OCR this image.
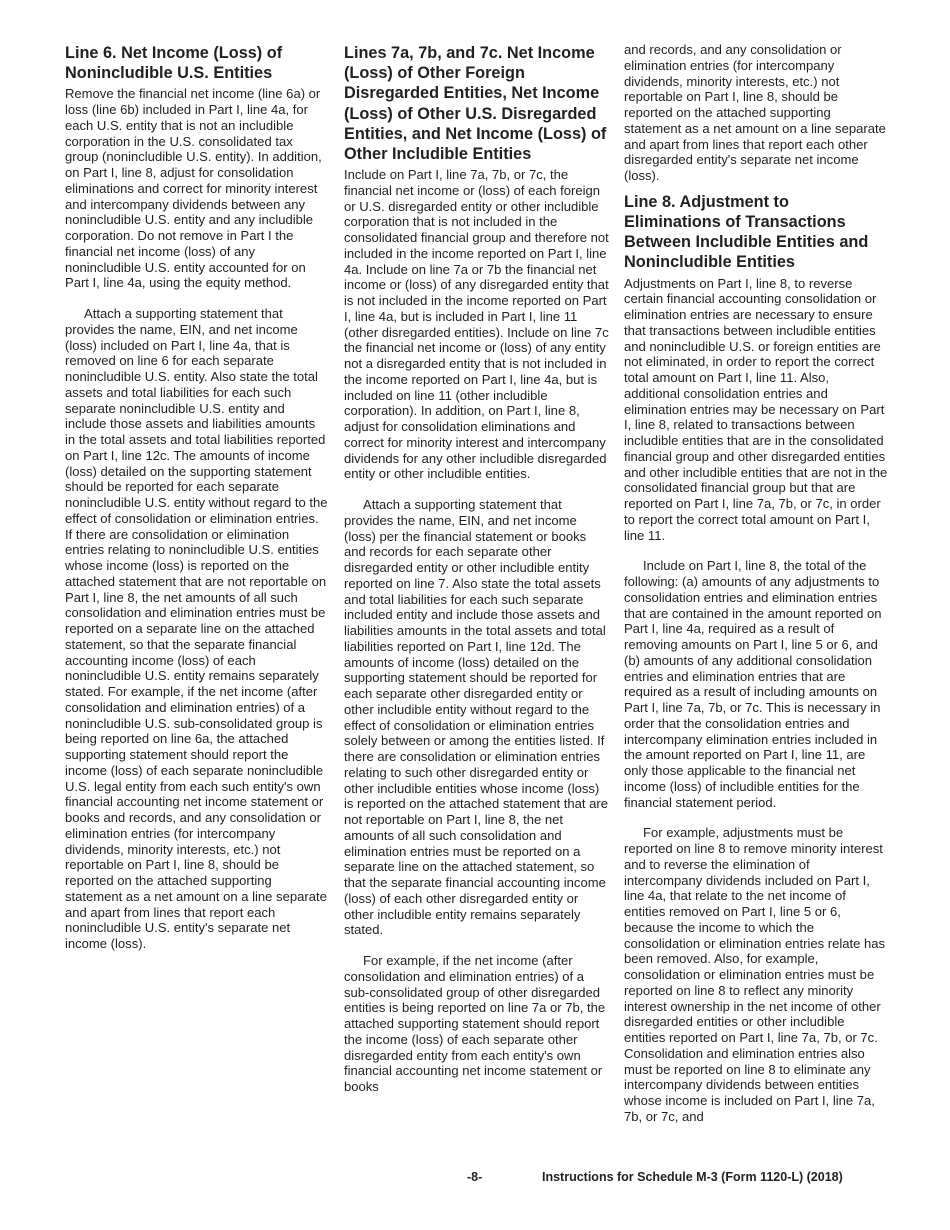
Line 6. Net Income (Loss) of Nonincludible U.S. Entities

Remove the financial net income (line 6a) or loss (line 6b) included in Part I, line 4a, for each U.S. entity that is not an includible corporation in the U.S. consolidated tax group (nonincludible U.S. entity). In addition, on Part I, line 8, adjust for consolidation eliminations and correct for minority interest and intercompany dividends between any nonincludible U.S. entity and any includible corporation. Do not remove in Part I the financial net income (loss) of any nonincludible U.S. entity accounted for on Part I, line 4a, using the equity method.

Attach a supporting statement that provides the name, EIN, and net income (loss) included on Part I, line 4a, that is removed on line 6 for each separate nonincludible U.S. entity. Also state the total assets and total liabilities for each such separate nonincludible U.S. entity and include those assets and liabilities amounts in the total assets and total liabilities reported on Part I, line 12c. The amounts of income (loss) detailed on the supporting statement should be reported for each separate nonincludible U.S. entity without regard to the effect of consolidation or elimination entries. If there are consolidation or elimination entries relating to nonincludible U.S. entities whose income (loss) is reported on the attached statement that are not reportable on Part I, line 8, the net amounts of all such consolidation and elimination entries must be reported on a separate line on the attached statement, so that the separate financial accounting income (loss) of each nonincludible U.S. entity remains separately stated. For example, if the net income (after consolidation and elimination entries) of a nonincludible U.S. sub-consolidated group is being reported on line 6a, the attached supporting statement should report the income (loss) of each separate nonincludible U.S. legal entity from each such entity's own financial accounting net income statement or books and records, and any consolidation or elimination entries (for intercompany dividends, minority interests, etc.) not reportable on Part I, line 8, should be reported on the attached supporting statement as a net amount on a line separate and apart from lines that report each nonincludible U.S. entity's separate net income (loss).

Lines 7a, 7b, and 7c. Net Income (Loss) of Other Foreign Disregarded Entities, Net Income (Loss) of Other U.S. Disregarded Entities, and Net Income (Loss) of Other Includible Entities

Include on Part I, line 7a, 7b, or 7c, the financial net income or (loss) of each foreign or U.S. disregarded entity or other includible corporation that is not included in the consolidated financial group and therefore not included in the income reported on Part I, line 4a. Include on line 7a or 7b the financial net income or (loss) of any disregarded entity that is not included in the income reported on Part I, line 4a, but is included in Part I, line 11 (other disregarded entities). Include on line 7c the financial net income or (loss) of any entity not a disregarded entity that is not included in the income reported on Part I, line 4a, but is included on line 11 (other includible corporation). In addition, on Part I, line 8, adjust for consolidation eliminations and correct for minority interest and intercompany dividends for any other includible disregarded entity or other includible entities.

Attach a supporting statement that provides the name, EIN, and net income (loss) per the financial statement or books and records for each separate other disregarded entity or other includible entity reported on line 7. Also state the total assets and total liabilities for each such separate included entity and include those assets and liabilities amounts in the total assets and total liabilities reported on Part I, line 12d. The amounts of income (loss) detailed on the supporting statement should be reported for each separate other disregarded entity or other includible entity without regard to the effect of consolidation or elimination entries solely between or among the entities listed. If there are consolidation or elimination entries relating to such other disregarded entity or other includible entities whose income (loss) is reported on the attached statement that are not reportable on Part I, line 8, the net amounts of all such consolidation and elimination entries must be reported on a separate line on the attached statement, so that the separate financial accounting income (loss) of each other disregarded entity or other includible entity remains separately stated.

For example, if the net income (after consolidation and elimination entries) of a sub-consolidated group of other disregarded entities is being reported on line 7a or 7b, the attached supporting statement should report the income (loss) of each separate other disregarded entity from each entity's own financial accounting net income statement or books

and records, and any consolidation or elimination entries (for intercompany dividends, minority interests, etc.) not reportable on Part I, line 8, should be reported on the attached supporting statement as a net amount on a line separate and apart from lines that report each other disregarded entity's separate net income (loss).

Line 8. Adjustment to Eliminations of Transactions Between Includible Entities and Nonincludible Entities

Adjustments on Part I, line 8, to reverse certain financial accounting consolidation or elimination entries are necessary to ensure that transactions between includible entities and nonincludible U.S. or foreign entities are not eliminated, in order to report the correct total amount on Part I, line 11. Also, additional consolidation entries and elimination entries may be necessary on Part I, line 8, related to transactions between includible entities that are in the consolidated financial group and other disregarded entities and other includible entities that are not in the consolidated financial group but that are reported on Part I, line 7a, 7b, or 7c, in order to report the correct total amount on Part I, line 11.

Include on Part I, line 8, the total of the following: (a) amounts of any adjustments to consolidation entries and elimination entries that are contained in the amount reported on Part I, line 4a, required as a result of removing amounts on Part I, line 5 or 6, and (b) amounts of any additional consolidation entries and elimination entries that are required as a result of including amounts on Part I, line 7a, 7b, or 7c. This is necessary in order that the consolidation entries and intercompany elimination entries included in the amount reported on Part I, line 11, are only those applicable to the financial net income (loss) of includible entities for the financial statement period.

For example, adjustments must be reported on line 8 to remove minority interest and to reverse the elimination of intercompany dividends included on Part I, line 4a, that relate to the net income of entities removed on Part I, line 5 or 6, because the income to which the consolidation or elimination entries relate has been removed. Also, for example, consolidation or elimination entries must be reported on line 8 to reflect any minority interest ownership in the net income of other disregarded entities or other includible entities reported on Part I, line 7a, 7b, or 7c. Consolidation and elimination entries also must be reported on line 8 to eliminate any intercompany dividends between entities whose income is included on Part I, line 7a, 7b, or 7c, and

-8-	Instructions for Schedule M-3 (Form 1120-L) (2018)
